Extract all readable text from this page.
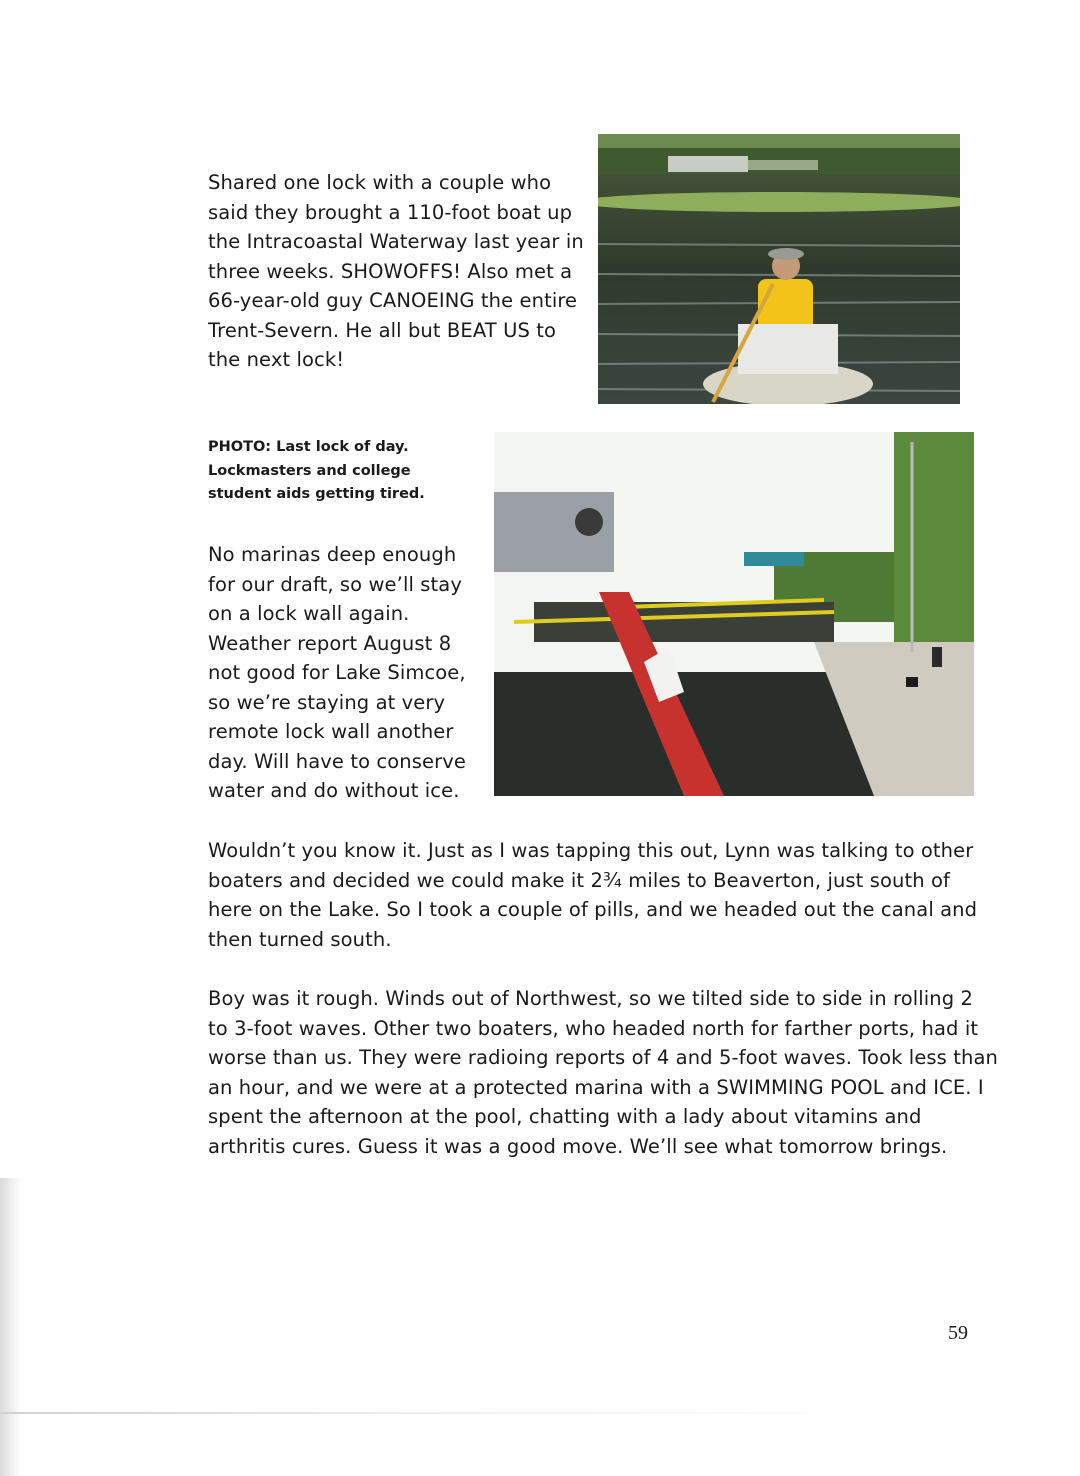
Shared one lock with a couple who said they brought a 110-foot boat up the Intracoastal Waterway last year in three weeks. SHOWOFFS! Also met a 66-year-old guy CANOEING the entire Trent-Severn. He all but BEAT US to the next lock!

PHOTO: Last lock of day. Lockmasters and college student aids getting tired.

No marinas deep enough for our draft, so we’ll stay on a lock wall again. Weather report August 8 not good for Lake Simcoe, so we’re staying at very remote lock wall another day. Will have to conserve water and do without ice.

Wouldn’t you know it. Just as I was tapping this out, Lynn was talking to other boaters and decided we could make it 2¾ miles to Beaverton, just south of here on the Lake. So I took a couple of pills, and we headed out the canal and then turned south.

Boy was it rough. Winds out of Northwest, so we tilted side to side in rolling 2 to 3-foot waves. Other two boaters, who headed north for farther ports, had it worse than us. They were radioing reports of 4 and 5-foot waves. Took less than an hour, and we were at a protected marina with a SWIMMING POOL and ICE. I spent the afternoon at the pool, chatting with a lady about vitamins and arthritis cures. Guess it was a good move. We’ll see what tomorrow brings.

59
